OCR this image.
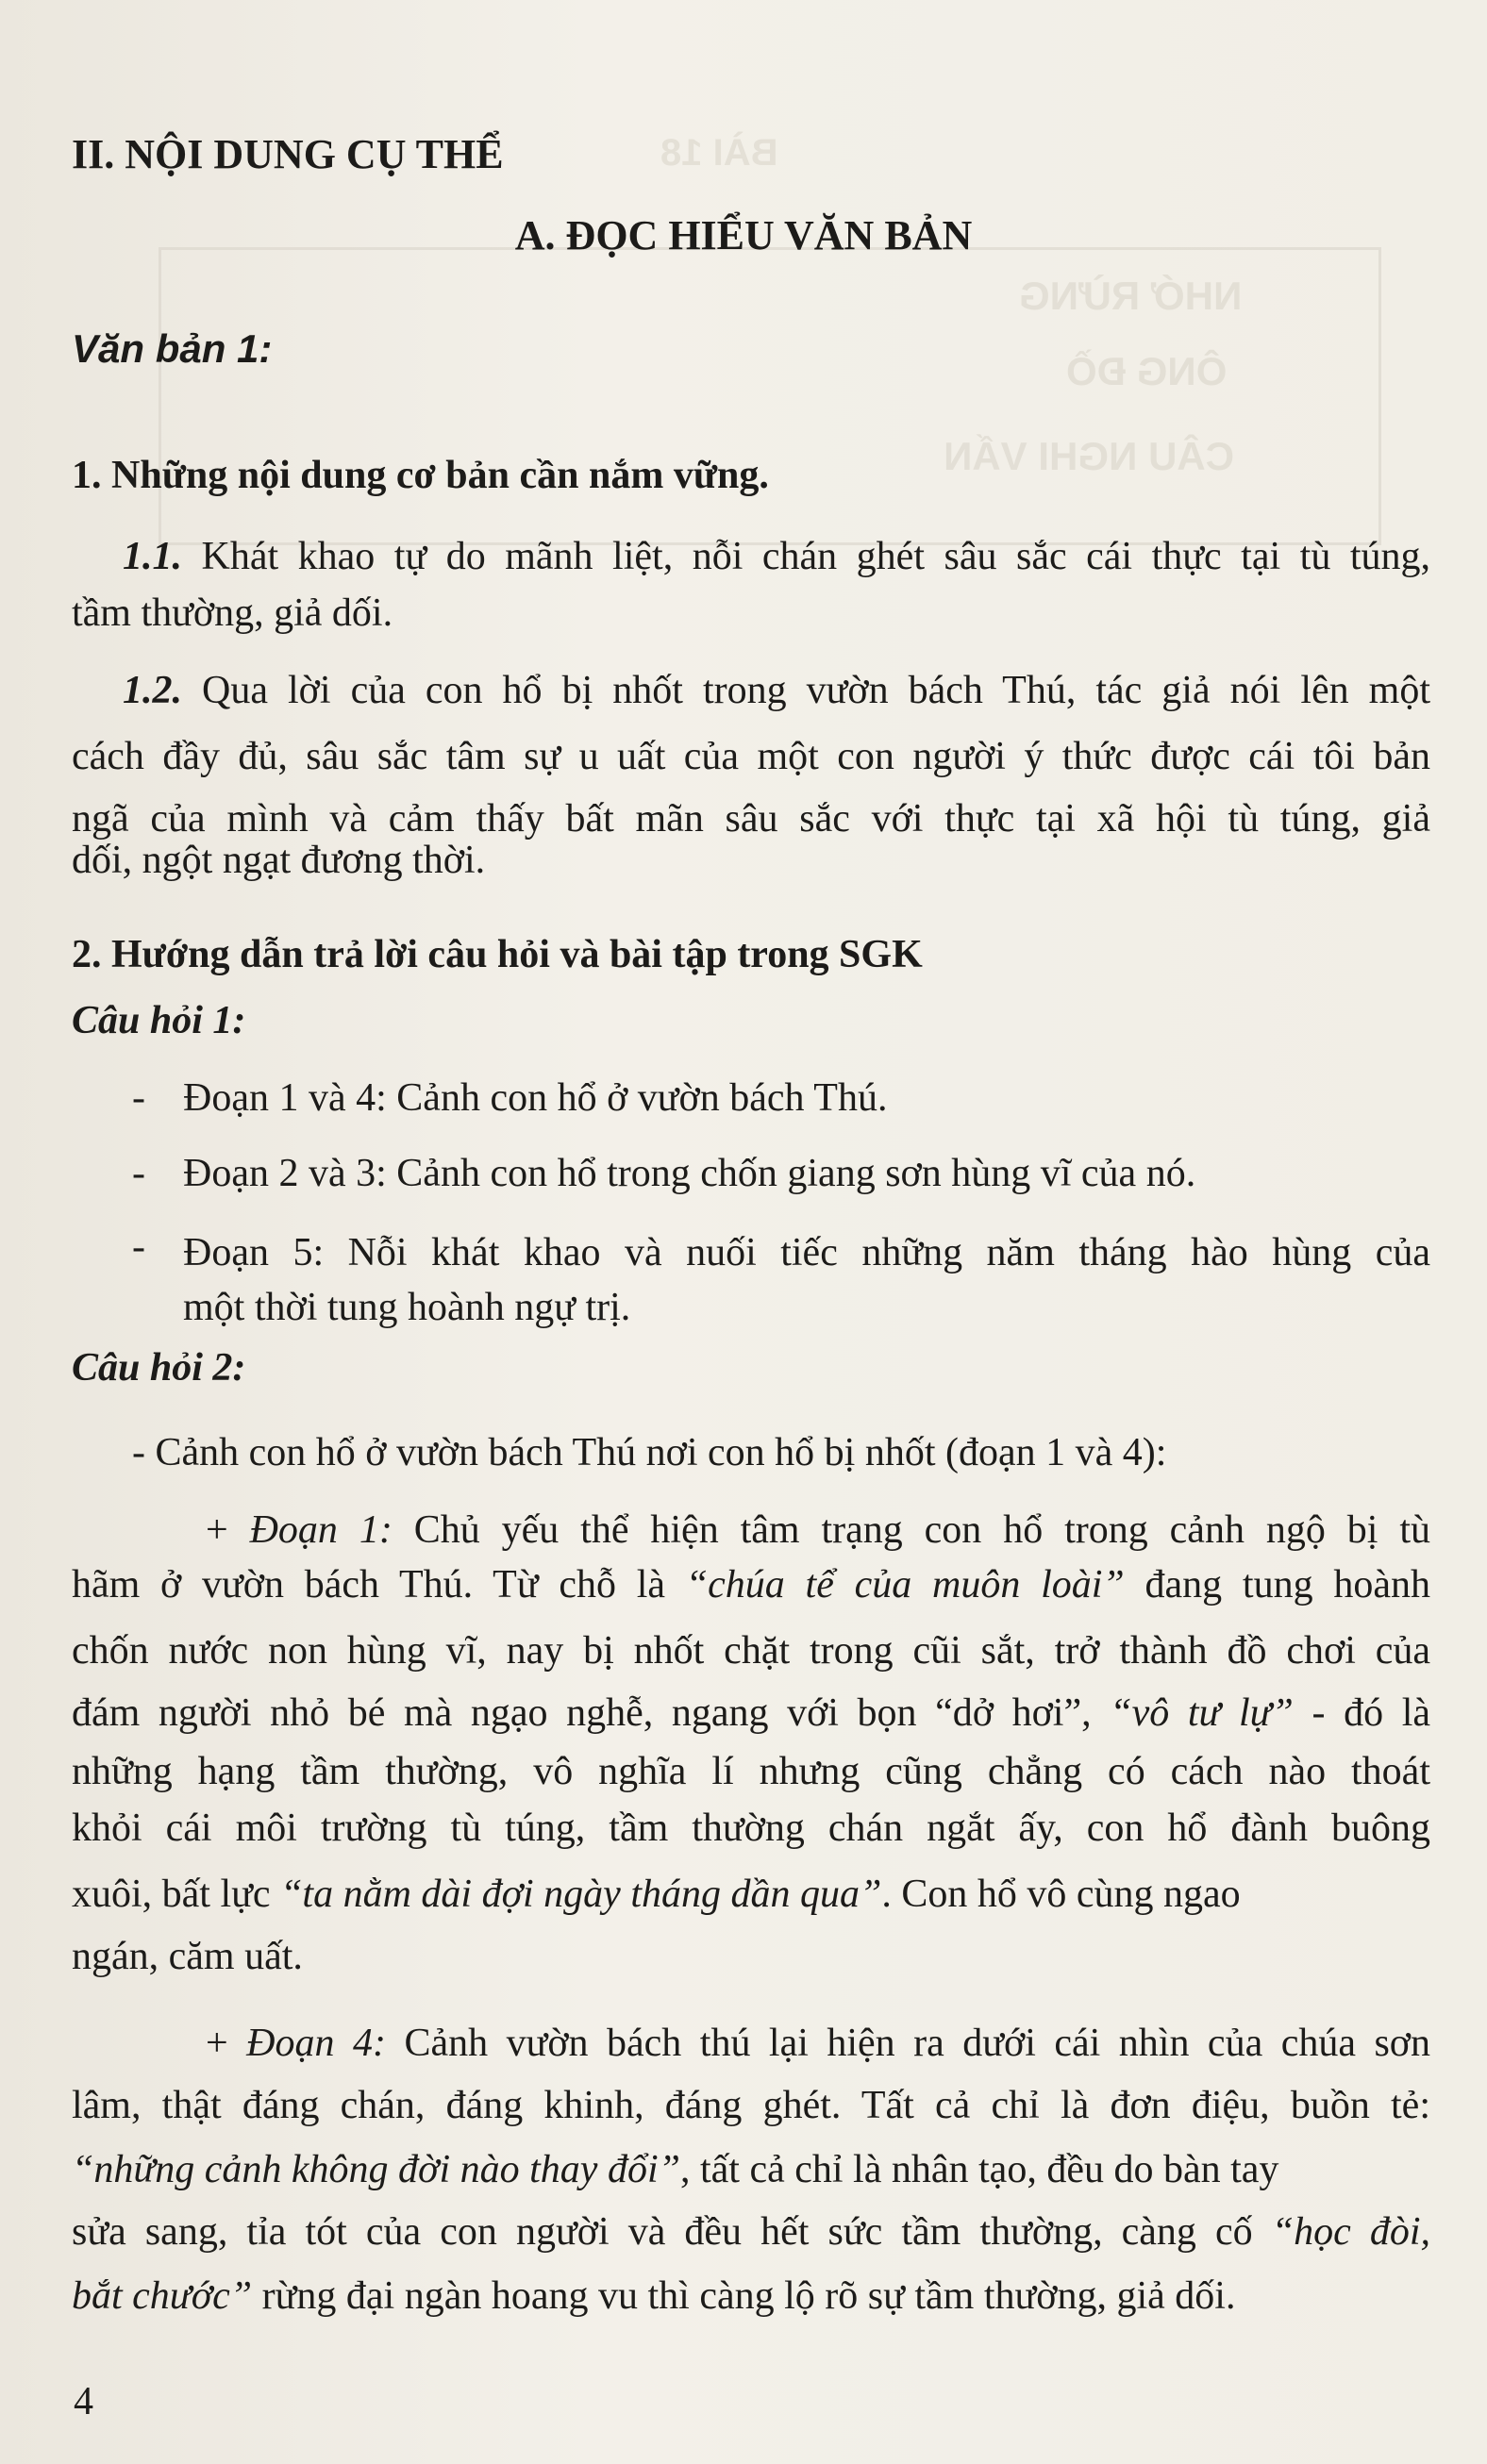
BÀI 18
NHỚ RỪNG
ÔNG ĐỒ
CÂU NGHI VẤN
II. NỘI DUNG CỤ THỂ
A. ĐỌC HIỂU VĂN BẢN
Văn bản 1:
1. Những nội dung cơ bản cần nắm vững.
1.1. Khát khao tự do mãnh liệt, nỗi chán ghét sâu sắc cái thực tại tù túng,
tầm thường, giả dối.
1.2. Qua lời của con hổ bị nhốt trong vườn bách Thú, tác giả nói lên một
cách đầy đủ, sâu sắc tâm sự u uất của một con người ý thức được cái tôi bản
ngã của mình và cảm thấy bất mãn sâu sắc với thực tại xã hội tù túng, giả
dối, ngột ngạt đương thời.
2. Hướng dẫn trả lời câu hỏi và bài tập trong SGK
Câu hỏi 1:
- Đoạn 1 và 4: Cảnh con hổ ở vườn bách Thú.
- Đoạn 2 và 3: Cảnh con hổ trong chốn giang sơn hùng vĩ của nó.
- Đoạn 5: Nỗi khát khao và nuối tiếc những năm tháng hào hùng của
một thời tung hoành ngự trị.
Câu hỏi 2:
- Cảnh con hổ ở vườn bách Thú nơi con hổ bị nhốt (đoạn 1 và 4):
+ Đoạn 1: Chủ yếu thể hiện tâm trạng con hổ trong cảnh ngộ bị tù
hãm ở vườn bách Thú. Từ chỗ là “chúa tể của muôn loài” đang tung hoành
chốn nước non hùng vĩ, nay bị nhốt chặt trong cũi sắt, trở thành đồ chơi của
đám người nhỏ bé mà ngạo nghễ, ngang với bọn “dở hơi”, “vô tư lự” - đó là
những hạng tầm thường, vô nghĩa lí nhưng cũng chẳng có cách nào thoát
khỏi cái môi trường tù túng, tầm thường chán ngắt ấy, con hổ đành buông
xuôi, bất lực “ta nằm dài đợi ngày tháng dần qua”. Con hổ vô cùng ngao
ngán, căm uất.
+ Đoạn 4: Cảnh vườn bách thú lại hiện ra dưới cái nhìn của chúa sơn
lâm, thật đáng chán, đáng khinh, đáng ghét. Tất cả chỉ là đơn điệu, buồn tẻ:
“những cảnh không đời nào thay đổi”, tất cả chỉ là nhân tạo, đều do bàn tay
sửa sang, tỉa tót của con người và đều hết sức tầm thường, càng cố “học đòi,
bắt chước” rừng đại ngàn hoang vu thì càng lộ rõ sự tầm thường, giả dối.
4
